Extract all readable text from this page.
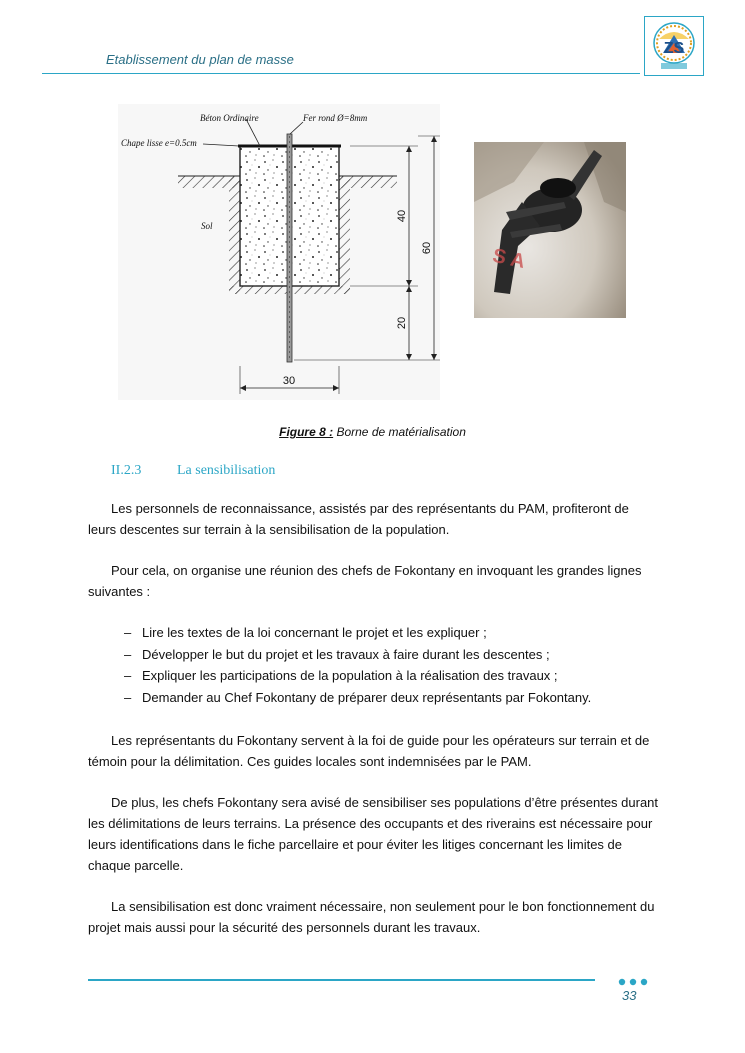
Etablissement du plan de masse
ZS
Béton Ordinaire	Fer rond Ø=8mm
Chape lisse e=0.5cm
Sol
40
20
60
30
S A
Figure 8 : Borne de matérialisation
II.2.3	La sensibilisation

Les personnels de reconnaissance, assistés par des représentants du PAM, profiteront de leurs descentes sur terrain à la sensibilisation de la population.

Pour cela, on organise une réunion des chefs de Fokontany en invoquant les grandes lignes suivantes :

– Lire les textes de la loi concernant le projet et les expliquer ;
– Développer le but du projet et les travaux à faire durant les descentes ;
– Expliquer les participations de la population à la réalisation des travaux ;
– Demander au Chef Fokontany de préparer deux représentants par Fokontany.

Les représentants du Fokontany servent à la foi de guide pour les opérateurs sur terrain et de témoin pour la délimitation. Ces guides locales sont indemnisées par le PAM.

De plus, les chefs Fokontany sera avisé de sensibiliser ses populations d’être présentes durant les délimitations de leurs terrains. La présence des occupants et des riverains est nécessaire pour leurs identifications dans le fiche parcellaire et pour éviter les litiges concernant les limites de chaque parcelle.

La sensibilisation est donc vraiment nécessaire, non seulement pour le bon fonctionnement du projet mais aussi pour la sécurité des personnels durant les travaux.

33
